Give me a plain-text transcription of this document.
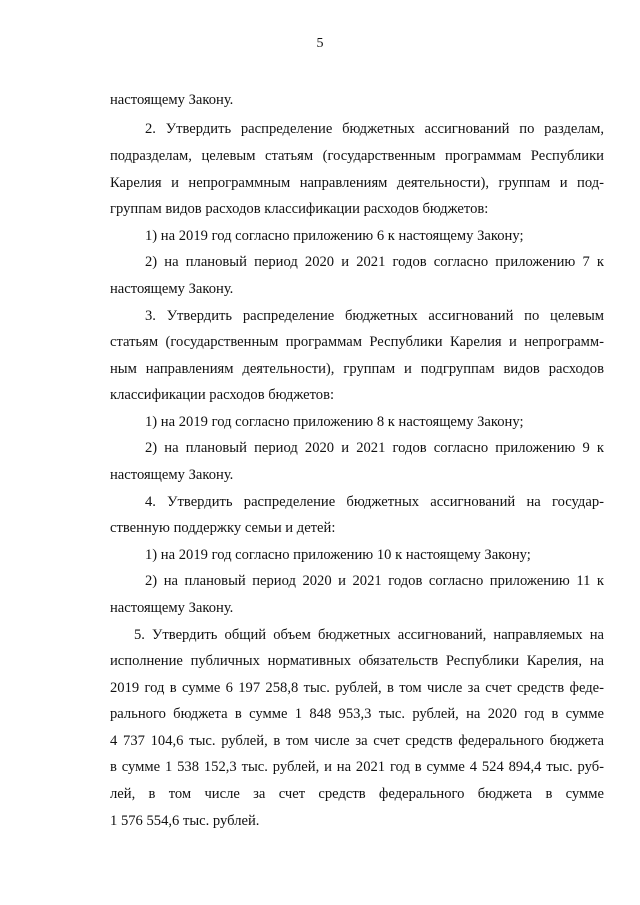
5
настоящему Закону.
2. Утвердить распределение бюджетных ассигнований по разделам,
подразделам, целевым статьям (государственным программам Республики
Карелия и непрограммным направлениям деятельности), группам и под-
группам видов расходов классификации расходов бюджетов:
1) на 2019 год согласно приложению 6 к настоящему Закону;
2) на плановый период 2020 и 2021 годов согласно приложению 7 к
настоящему Закону.
3. Утвердить распределение бюджетных ассигнований по целевым
статьям (государственным программам Республики Карелия и непрограмм-
ным направлениям деятельности), группам и подгруппам видов расходов
классификации расходов бюджетов:
1) на 2019 год согласно приложению 8 к настоящему Закону;
2) на плановый период 2020 и 2021 годов согласно приложению 9 к
настоящему Закону.
4. Утвердить распределение бюджетных ассигнований на государ-
ственную поддержку семьи и детей:
1) на 2019 год согласно приложению 10 к настоящему Закону;
2) на плановый период 2020 и 2021 годов согласно приложению 11 к
настоящему Закону.
5. Утвердить общий объем бюджетных ассигнований, направляемых на
исполнение публичных нормативных обязательств Республики Карелия, на
2019 год в сумме 6 197 258,8 тыс. рублей, в том числе за счет средств феде-
рального бюджета в сумме 1 848 953,3 тыс. рублей, на 2020 год в сумме
4 737 104,6 тыс. рублей, в том числе за счет средств федерального бюджета
в сумме 1 538 152,3 тыс. рублей, и на 2021 год в сумме 4 524 894,4 тыс. руб-
лей, в том числе за счет средств федерального бюджета в сумме
1 576 554,6 тыс. рублей.
